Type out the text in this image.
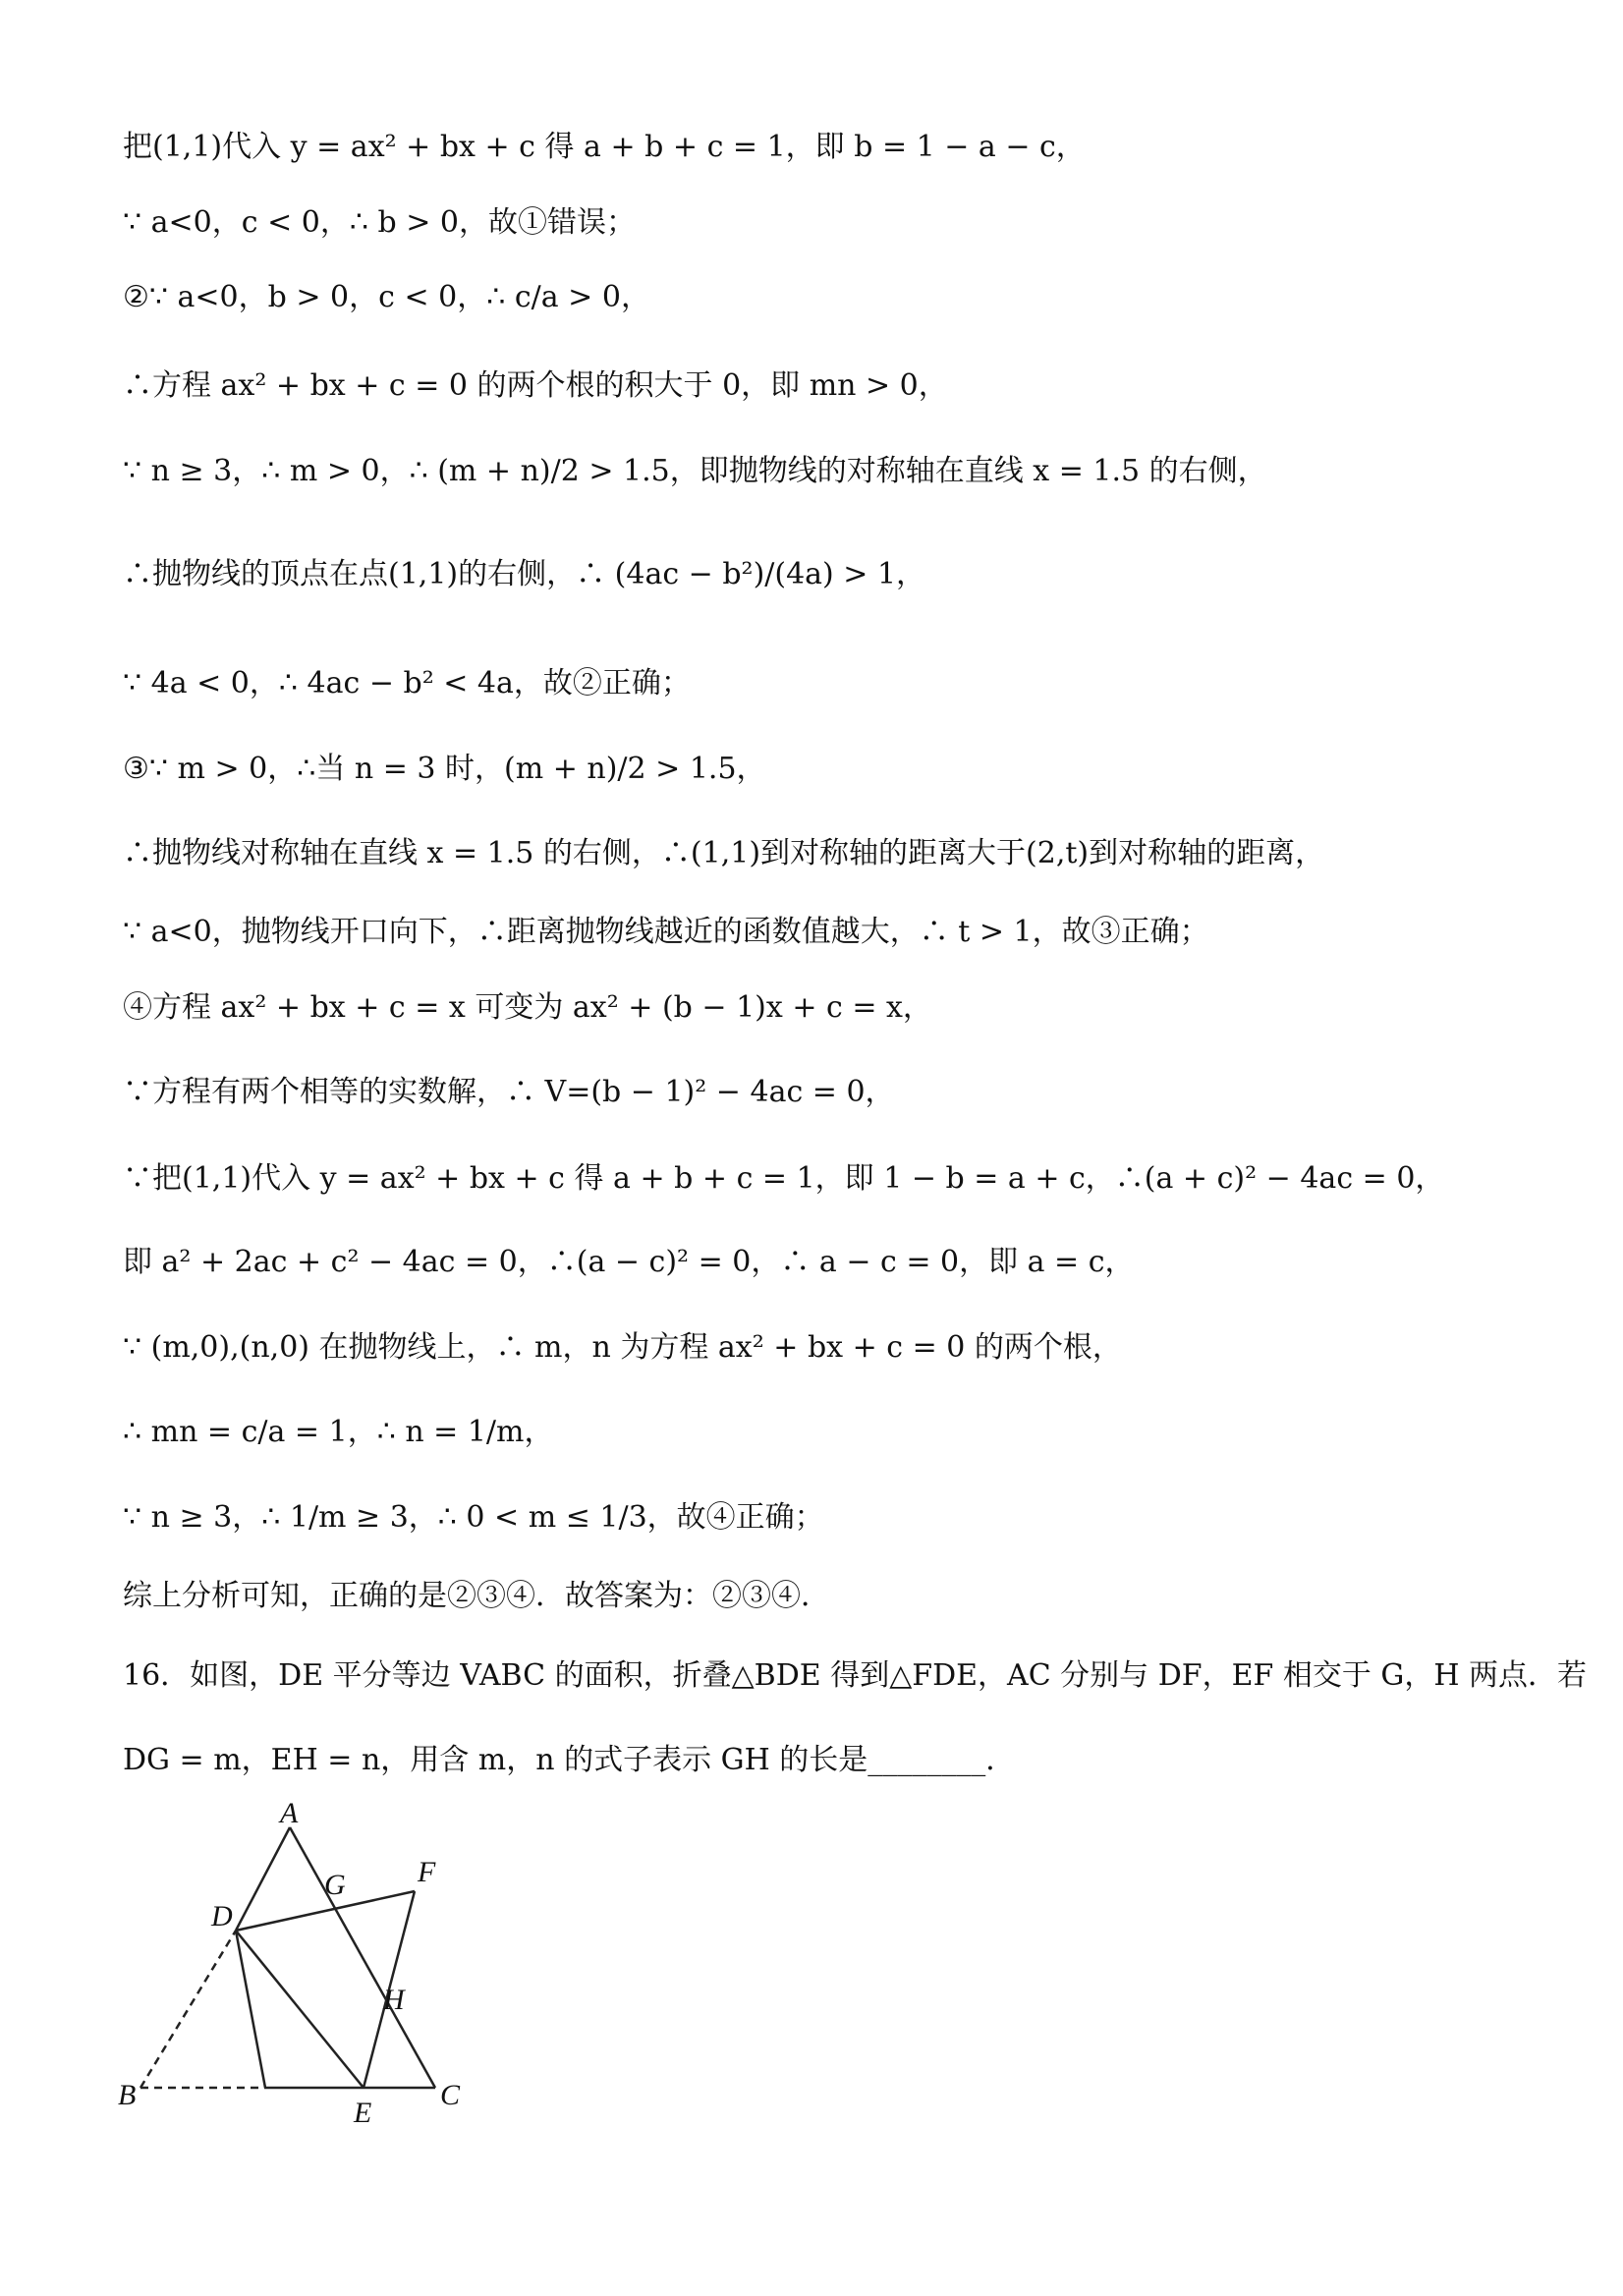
把(1,1)代入 y = ax² + bx + c 得 a + b + c = 1，即 b = 1 − a − c，
∵ a<0，c < 0，∴ b > 0，故①错误；
②∵ a<0，b > 0，c < 0，∴ c/a > 0，
∴方程 ax² + bx + c = 0 的两个根的积大于 0，即 mn > 0，
∵ n ≥ 3，∴ m > 0，∴ (m + n)/2 > 1.5，即抛物线的对称轴在直线 x = 1.5 的右侧，
∴抛物线的顶点在点(1,1)的右侧，∴ (4ac − b²)/(4a) > 1，
∵ 4a < 0，∴ 4ac − b² < 4a，故②正确；
③∵ m > 0，∴当 n = 3 时，(m + n)/2 > 1.5，
∴抛物线对称轴在直线 x = 1.5 的右侧，∴(1,1)到对称轴的距离大于(2,t)到对称轴的距离，
∵ a<0，抛物线开口向下，∴距离抛物线越近的函数值越大，∴ t > 1，故③正确；
④方程 ax² + bx + c = x 可变为 ax² + (b − 1)x + c = x，
∵方程有两个相等的实数解，∴ V=(b − 1)² − 4ac = 0，
∵把(1,1)代入 y = ax² + bx + c 得 a + b + c = 1，即 1 − b = a + c，∴(a + c)² − 4ac = 0，
即 a² + 2ac + c² − 4ac = 0，∴(a − c)² = 0，∴ a − c = 0，即 a = c，
∵ (m,0),(n,0) 在抛物线上，∴ m，n 为方程 ax² + bx + c = 0 的两个根，
∴ mn = c/a = 1，∴ n = 1/m，
∵ n ≥ 3，∴ 1/m ≥ 3，∴ 0 < m ≤ 1/3，故④正确；
综上分析可知，正确的是②③④．故答案为：②③④．
16．如图，DE 平分等边 VABC 的面积，折叠△BDE 得到△FDE，AC 分别与 DF，EF 相交于 G，H 两点．若
DG = m，EH = n，用含 m，n 的式子表示 GH 的长是________．
A
B	C
D
E
F
G
H
